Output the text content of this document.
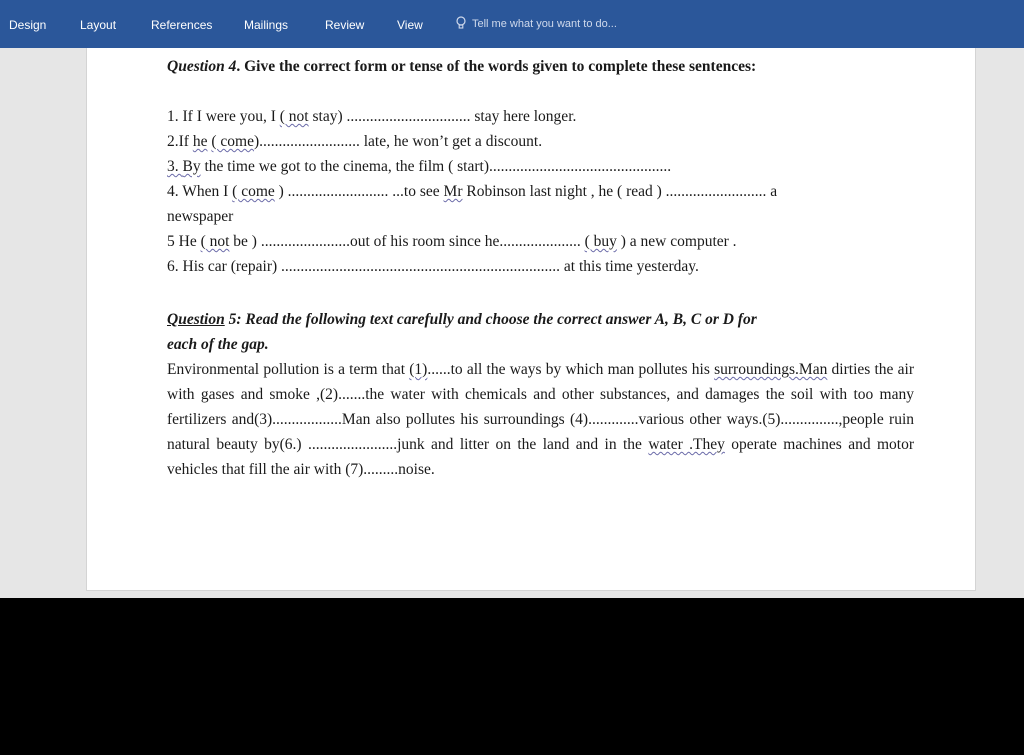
Design	Layout	References	Mailings	Review	View	Tell me what you want to do...
Question 4. Give the correct form or tense of the words given to complete these sentences:
1. If I were you, I ( not stay) ................................ stay here longer.
2.If he ( come).......................... late, he won’t get a discount.
3. By the time we got to the cinema, the film ( start)...............................................
4. When I ( come ) .......................... ...to see Mr Robinson last night , he ( read ) .......................... a
newspaper
5 He ( not be ) .......................out of his room since he..................... ( buy ) a new computer .
6. His car (repair) ........................................................................ at this time yesterday.
Question 5: Read the following text carefully and choose the correct answer A, B, C or D for
each of the gap.
Environmental pollution is a term that (1)......to all the ways by which man pollutes his surroundings.Man dirties the air with gases and smoke ,(2).......the water with chemicals and other substances, and damages the soil with too many fertilizers and(3)..................Man also pollutes his surroundings (4).............various other ways.(5)...............,people ruin natural beauty by(6.) .......................junk and litter on the land and in the water .They operate machines and motor vehicles that fill the air with (7).........noise.
